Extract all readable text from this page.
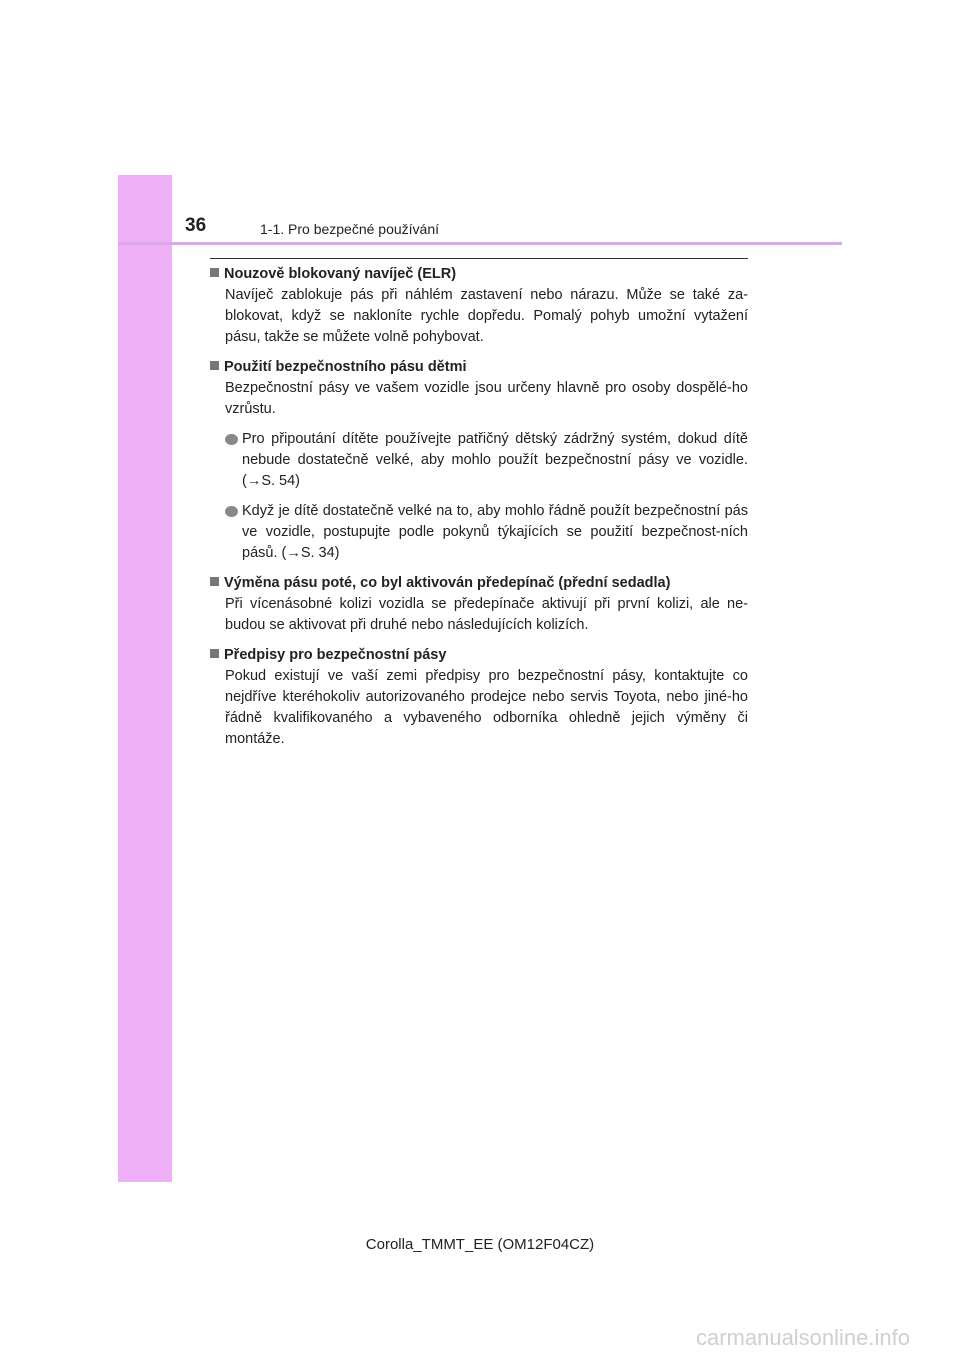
36	1-1. Pro bezpečné používání

Nouzově blokovaný navíječ (ELR)

Navíječ zablokuje pás při náhlém zastavení nebo nárazu. Může se také za-blokovat, když se nakloníte rychle dopředu. Pomalý pohyb umožní vytažení pásu, takže se můžete volně pohybovat.

Použití bezpečnostního pásu dětmi

Bezpečnostní pásy ve vašem vozidle jsou určeny hlavně pro osoby dospělé-ho vzrůstu.

Pro připoutání dítěte používejte patřičný dětský zádržný systém, dokud dítě nebude dostatečně velké, aby mohlo použít bezpečnostní pásy ve vozidle. (→S. 54)
Když je dítě dostatečně velké na to, aby mohlo řádně použít bezpečnostní pás ve vozidle, postupujte podle pokynů týkajících se použití bezpečnost-ních pásů. (→S. 34)

Výměna pásu poté, co byl aktivován předepínač (přední sedadla)

Při vícenásobné kolizi vozidla se předepínače aktivují při první kolizi, ale ne-budou se aktivovat při druhé nebo následujících kolizích.

Předpisy pro bezpečnostní pásy

Pokud existují ve vaší zemi předpisy pro bezpečnostní pásy, kontaktujte co nejdříve kteréhokoliv autorizovaného prodejce nebo servis Toyota, nebo jiné-ho řádně kvalifikovaného a vybaveného odborníka ohledně jejich výměny či montáže.

Corolla_TMMT_EE (OM12F04CZ)
carmanualsonline.info
